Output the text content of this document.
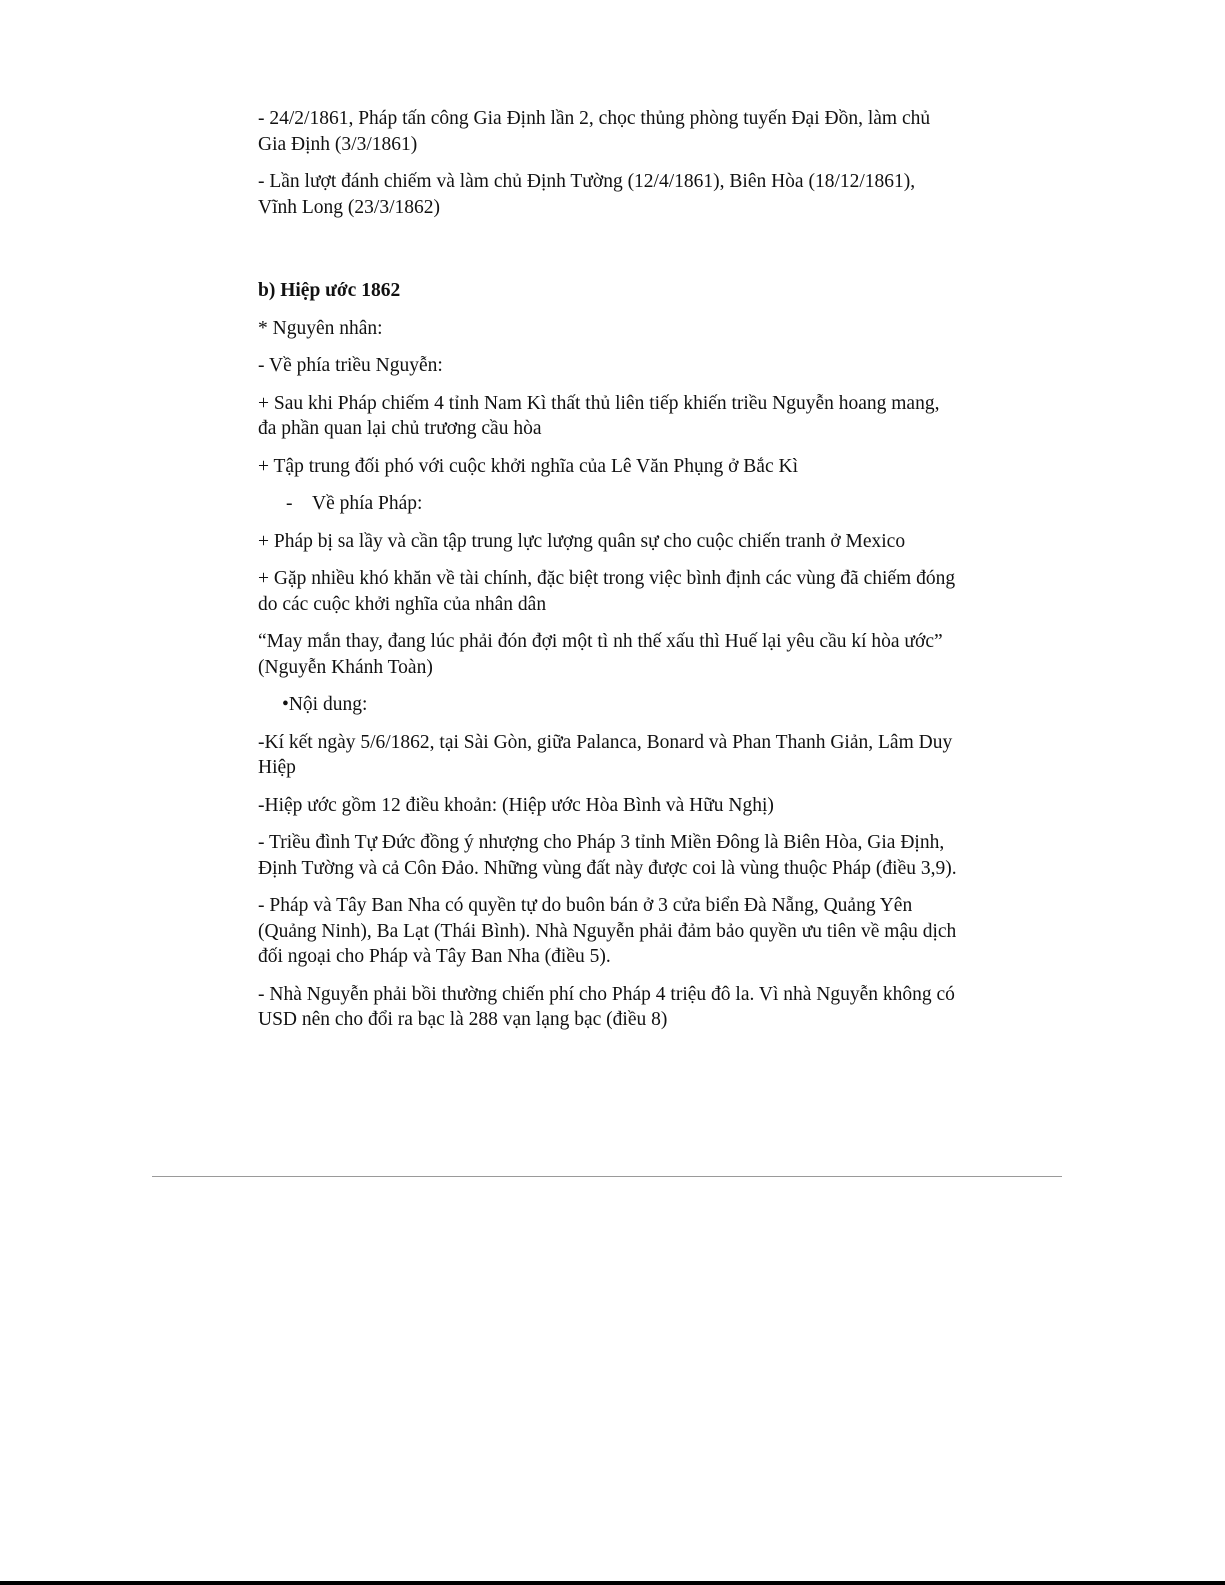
- 24/2/1861, Pháp tấn công Gia Định lần 2, chọc thủng phòng tuyến Đại Đồn, làm chủ Gia Định (3/3/1861)

- Lần lượt đánh chiếm và làm chủ Định Tường (12/4/1861), Biên Hòa (18/12/1861), Vĩnh Long (23/3/1862)

b) Hiệp ước 1862

* Nguyên nhân:

- Về phía triều Nguyễn:

+ Sau khi Pháp chiếm 4 tỉnh Nam Kì thất thủ liên tiếp khiến triều Nguyễn hoang mang, đa phần quan lại chủ trương cầu hòa

+ Tập trung đối phó với cuộc khởi nghĩa của Lê Văn Phụng ở Bắc Kì

- Về phía Pháp:

+ Pháp bị sa lầy và cần tập trung lực lượng quân sự cho cuộc chiến tranh ở Mexico

+ Gặp nhiều khó khăn về tài chính, đặc biệt trong việc bình định các vùng đã chiếm đóng do các cuộc khởi nghĩa của nhân dân

“May mắn thay, đang lúc phải đón đợi một tì nh thế xấu thì Huế lại yêu cầu kí hòa ước” (Nguyễn Khánh Toàn)

•Nội dung:

-Kí kết ngày 5/6/1862, tại Sài Gòn, giữa Palanca, Bonard và Phan Thanh Giản, Lâm Duy Hiệp

-Hiệp ước gồm 12 điều khoản: (Hiệp ước Hòa Bình và Hữu Nghị)

- Triều đình Tự Đức đồng ý nhượng cho Pháp 3 tỉnh Miền Đông là Biên Hòa, Gia Định, Định Tường và cả Côn Đảo. Những vùng đất này được coi là vùng thuộc Pháp (điều 3,9).

- Pháp và Tây Ban Nha có quyền tự do buôn bán ở 3 cửa biển Đà Nẵng, Quảng Yên (Quảng Ninh), Ba Lạt (Thái Bình). Nhà Nguyễn phải đảm bảo quyền ưu tiên về mậu dịch đối ngoại cho Pháp và Tây Ban Nha (điều 5).

- Nhà Nguyễn phải bồi thường chiến phí cho Pháp 4 triệu đô la. Vì nhà Nguyễn không có USD nên cho đổi ra bạc là 288 vạn lạng bạc (điều 8)
